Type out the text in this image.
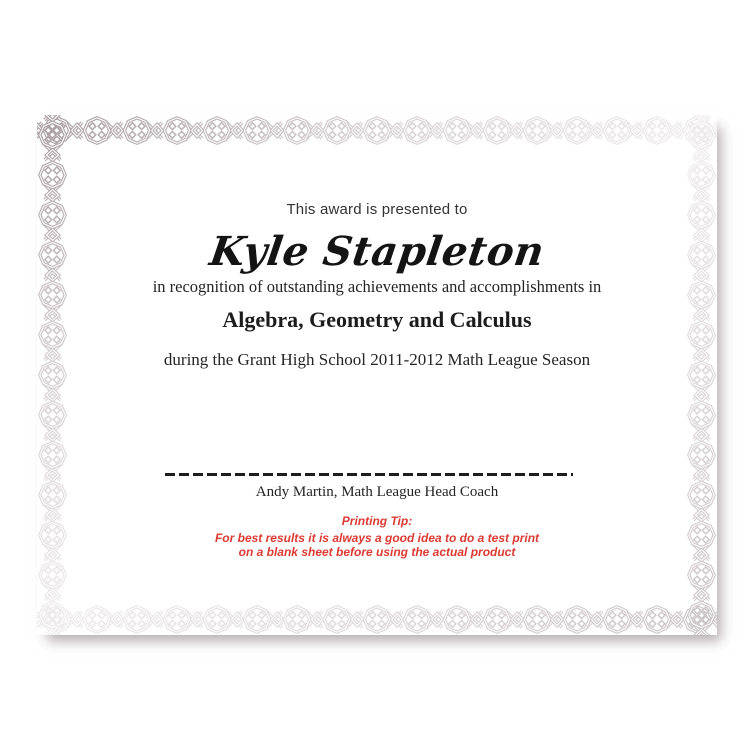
This award is presented to
Kyle Stapleton
in recognition of outstanding achievements and accomplishments in
Algebra, Geometry and Calculus
during the Grant High School 2011-2012 Math League Season
Andy Martin, Math League Head Coach
Printing Tip:
For best results it is always a good idea to do a test print
on a blank sheet before using the actual product
